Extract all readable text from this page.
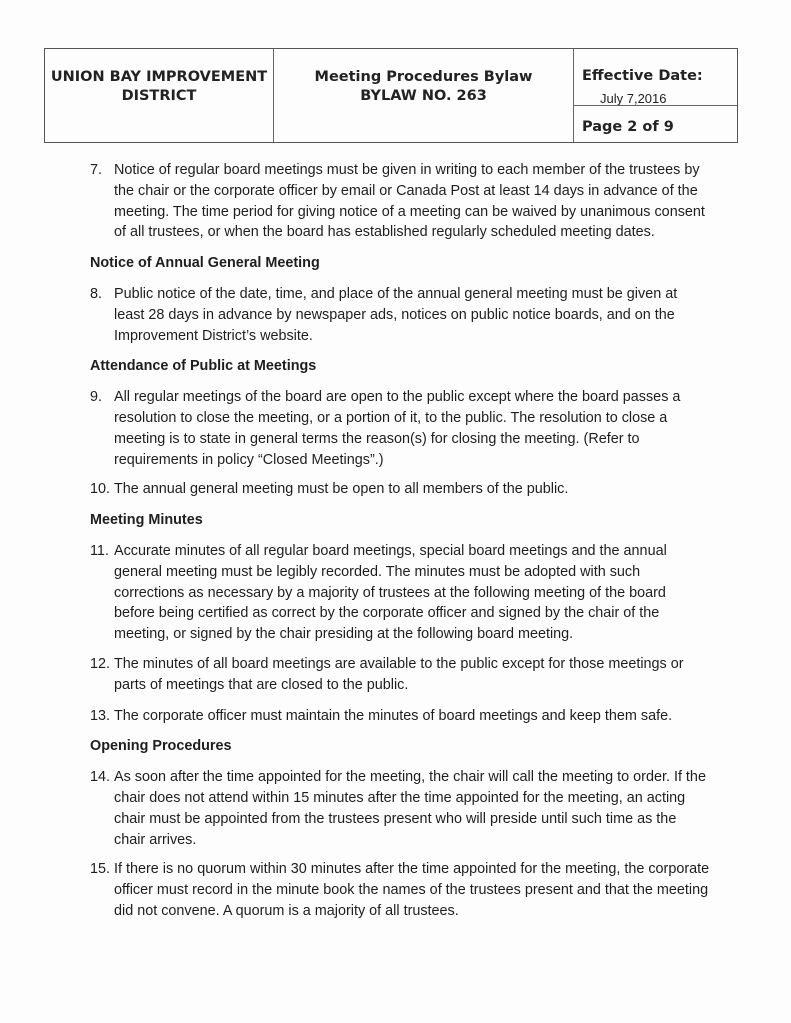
UNION BAY IMPROVEMENT
DISTRICT
Meeting Procedures Bylaw
BYLAW NO. 263
Effective Date:
July 7,2016
Page 2 of 9

7. Notice of regular board meetings must be given in writing to each member of the trustees by the chair or the corporate officer by email or Canada Post at least 14 days in advance of the meeting. The time period for giving notice of a meeting can be waived by unanimous consent of all trustees, or when the board has established regularly scheduled meeting dates.

Notice of Annual General Meeting

8. Public notice of the date, time, and place of the annual general meeting must be given at least 28 days in advance by newspaper ads, notices on public notice boards, and on the Improvement District’s website.

Attendance of Public at Meetings

9. All regular meetings of the board are open to the public except where the board passes a resolution to close the meeting, or a portion of it, to the public. The resolution to close a meeting is to state in general terms the reason(s) for closing the meeting. (Refer to requirements in policy “Closed Meetings”.)

10. The annual general meeting must be open to all members of the public.

Meeting Minutes

11. Accurate minutes of all regular board meetings, special board meetings and the annual general meeting must be legibly recorded. The minutes must be adopted with such corrections as necessary by a majority of trustees at the following meeting of the board before being certified as correct by the corporate officer and signed by the chair of the meeting, or signed by the chair presiding at the following board meeting.

12. The minutes of all board meetings are available to the public except for those meetings or parts of meetings that are closed to the public.

13. The corporate officer must maintain the minutes of board meetings and keep them safe.

Opening Procedures

14. As soon after the time appointed for the meeting, the chair will call the meeting to order. If the chair does not attend within 15 minutes after the time appointed for the meeting, an acting chair must be appointed from the trustees present who will preside until such time as the chair arrives.

15. If there is no quorum within 30 minutes after the time appointed for the meeting, the corporate officer must record in the minute book the names of the trustees present and that the meeting did not convene. A quorum is a majority of all trustees.
